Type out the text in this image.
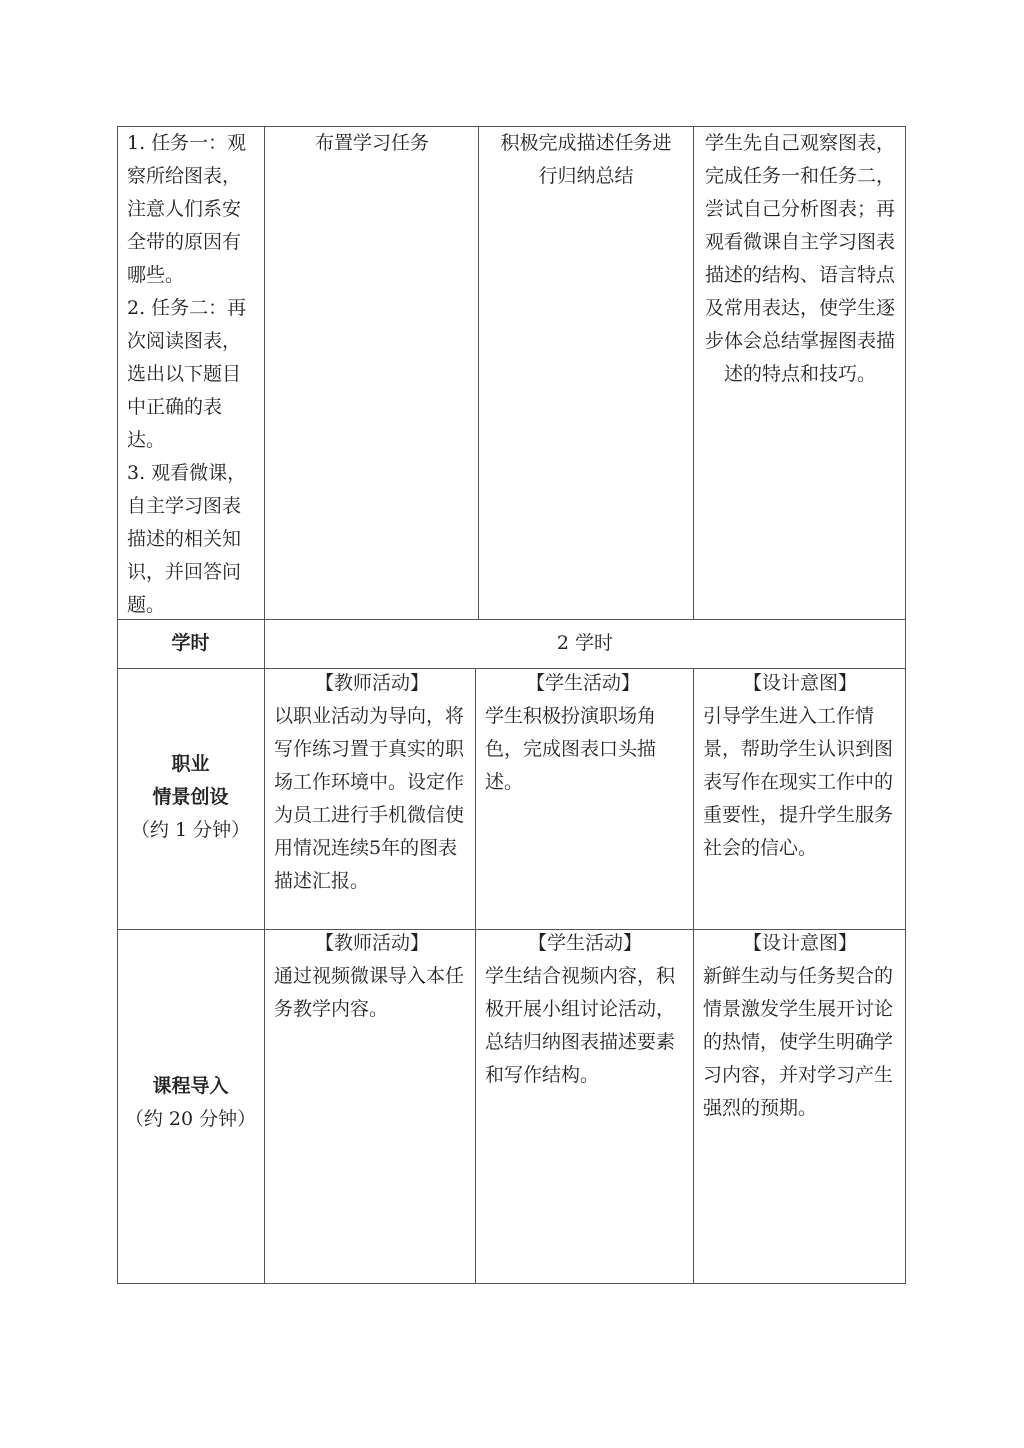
1. 任务一：观察所给图表，注意人们系安全带的原因有哪些。

2. 任务二：再次阅读图表，选出以下题目中正确的表达。

3. 观看微课，自主学习图表描述的相关知识，并回答问题。

布置学习任务	积极完成描述任务进行归纳总结
学生先自己观察图表，完成任务一和任务二，尝试自己分析图表；再观看微课自主学习图表描述的结构、语言特点及常用表达，使学生逐步体会总结掌握图表描述的特点和技巧。
学时	2 学时
职业
情景创设
（约 1 分钟）
【教师活动】
以职业活动为导向，将写作练习置于真实的职场工作环境中。设定作为员工进行手机微信使用情况连续5年的图表描述汇报。
【学生活动】
学生积极扮演职场角色，完成图表口头描述。
【设计意图】
引导学生进入工作情景，帮助学生认识到图表写作在现实工作中的重要性，提升学生服务社会的信心。
课程导入
（约 20 分钟）
【教师活动】
通过视频微课导入本任务教学内容。
【学生活动】
学生结合视频内容，积极开展小组讨论活动，总结归纳图表描述要素和写作结构。
【设计意图】
新鲜生动与任务契合的情景激发学生展开讨论的热情，使学生明确学习内容，并对学习产生强烈的预期。
